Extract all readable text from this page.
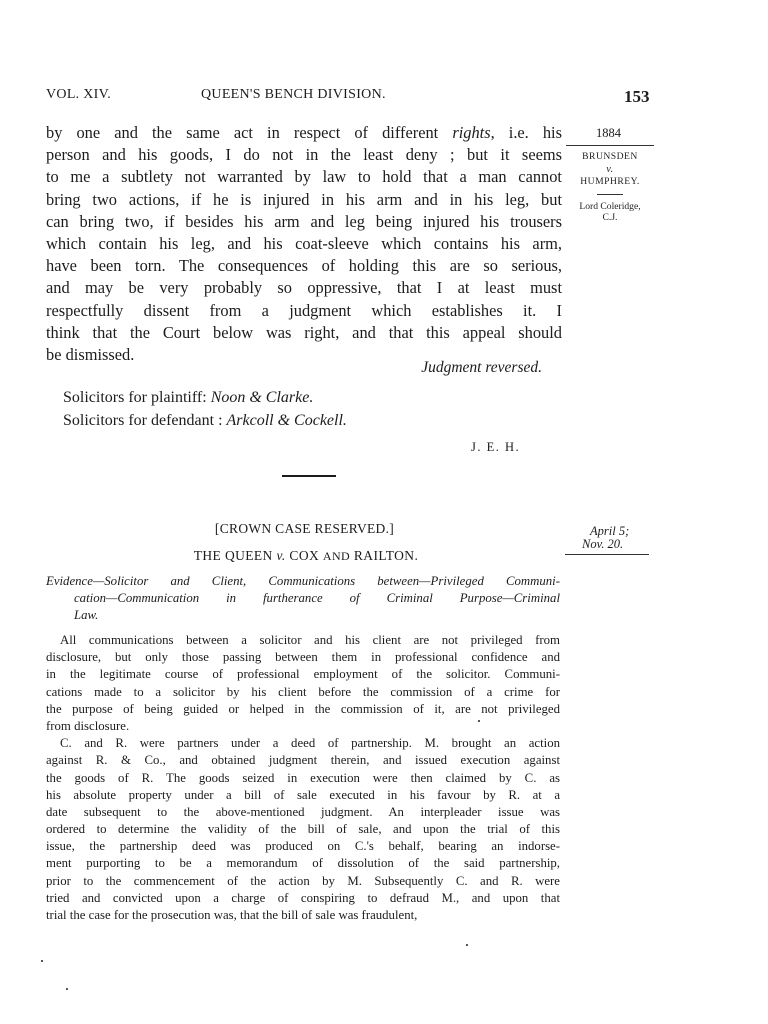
VOL. XIV.	QUEEN'S BENCH DIVISION.	153
1884
BRUNSDEN
v.
HUMPHREY.
Lord Coleridge,
C.J.
by one and the same act in respect of different rights, i.e. his
person and his goods, I do not in the least deny ; but it seems
to me a subtlety not warranted by law to hold that a man cannot
bring two actions, if he is injured in his arm and in his leg, but
can bring two, if besides his arm and leg being injured his trousers
which contain his leg, and his coat-sleeve which contains his arm,
have been torn. The consequences of holding this are so serious,
and may be very probably so oppressive, that I at least must
respectfully dissent from a judgment which establishes it. I
think that the Court below was right, and that this appeal should
be dismissed.
Judgment reversed.
Solicitors for plaintiff: Noon & Clarke.
Solicitors for defendant : Arkcoll & Cockell.
J. E. H.
April 5;
Nov. 20.
[CROWN CASE RESERVED.]
THE QUEEN v. COX AND RAILTON.
Evidence—Solicitor and Client, Communications between—Privileged Communi-
cation—Communication in furtherance of Criminal Purpose—Criminal
Law.
All communications between a solicitor and his client are not privileged from
disclosure, but only those passing between them in professional confidence and
in the legitimate course of professional employment of the solicitor. Communi-
cations made to a solicitor by his client before the commission of a crime for
the purpose of being guided or helped in the commission of it, are not privileged
from disclosure.
C. and R. were partners under a deed of partnership. M. brought an action
against R. & Co., and obtained judgment therein, and issued execution against
the goods of R. The goods seized in execution were then claimed by C. as
his absolute property under a bill of sale executed in his favour by R. at a
date subsequent to the above-mentioned judgment. An interpleader issue was
ordered to determine the validity of the bill of sale, and upon the trial of this
issue, the partnership deed was produced on C.'s behalf, bearing an indorse-
ment purporting to be a memorandum of dissolution of the said partnership,
prior to the commencement of the action by M. Subsequently C. and R. were
tried and convicted upon a charge of conspiring to defraud M., and upon that
trial the case for the prosecution was, that the bill of sale was fraudulent,
